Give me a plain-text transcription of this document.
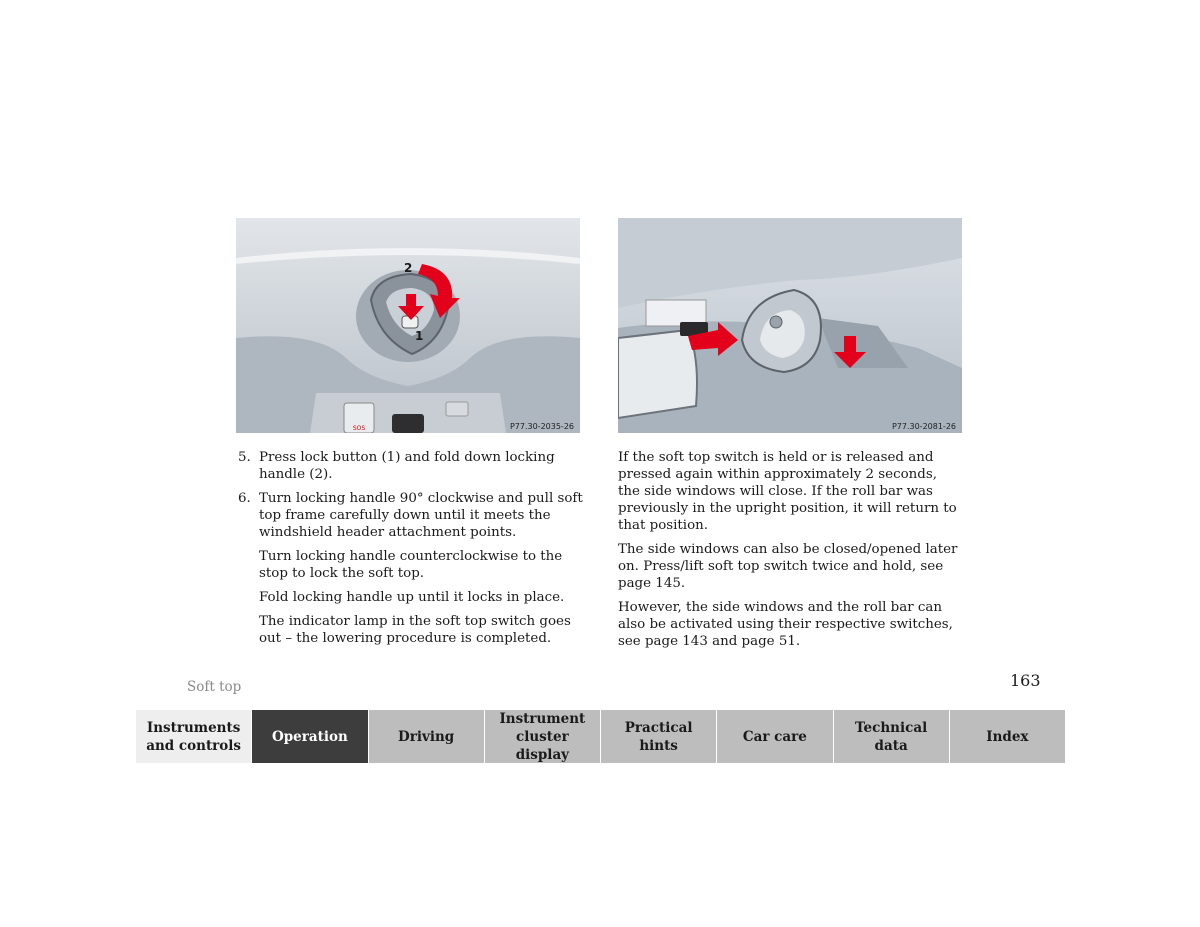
2
1
SOS	P77.30-2035-26	P77.30-2081-26
5. Press lock button (1) and fold down locking handle (2).
6. Turn locking handle 90° clockwise and pull soft top frame carefully down until it meets the windshield header attachment points.

Turn locking handle counterclockwise to the stop to lock the soft top.

Fold locking handle up until it locks in place.

The indicator lamp in the soft top switch goes out – the lowering procedure is completed.

If the soft top switch is held or is released and pressed again within approximately 2 seconds, the side windows will close. If the roll bar was previously in the upright position, it will return to that position.

The side windows can also be closed/opened later on. Press/lift soft top switch twice and hold, see page 145.

However, the side windows and the roll bar can also be activated using their respective switches, see page 143 and page 51.

Soft top	163
Instruments and controls
Operation	Driving
Instrument cluster display
Practical hints
Car care
Technical data
Index
